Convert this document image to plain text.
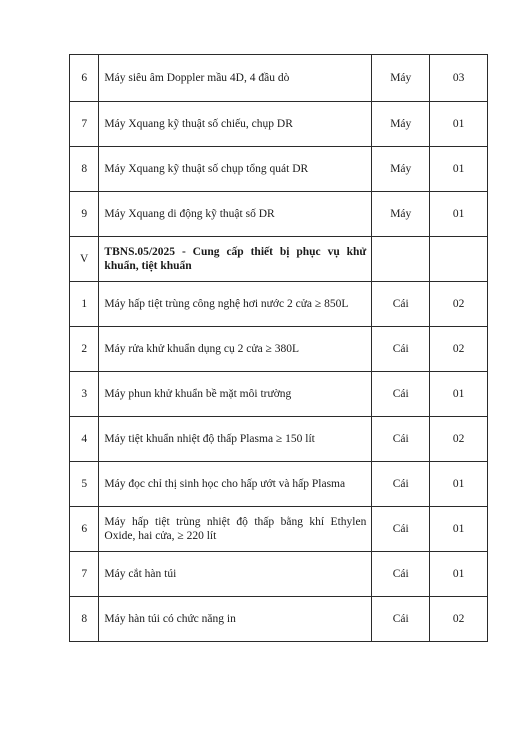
6	Máy siêu âm Doppler mầu 4D, 4 đầu dò	Máy	03
7	Máy Xquang kỹ thuật số chiếu, chụp DR	Máy	01
8	Máy Xquang kỹ thuật số chụp tổng quát DR	Máy	01
9	Máy Xquang di động kỹ thuật số DR	Máy	01
V	TBNS.05/2025 - Cung cấp thiết bị phục vụ khử khuẩn, tiệt khuẩn		
1	Máy hấp tiệt trùng công nghệ hơi nước 2 cửa ≥ 850L	Cái	02
2	Máy rửa khử khuẩn dụng cụ 2 cửa ≥ 380L	Cái	02
3	Máy phun khử khuẩn bề mặt môi trường	Cái	01
4	Máy tiệt khuẩn nhiệt độ thấp Plasma ≥ 150 lít	Cái	02
5	Máy đọc chỉ thị sinh học cho hấp ướt và hấp Plasma	Cái	01
6	Máy hấp tiệt trùng nhiệt độ thấp bằng khí Ethylen Oxide, hai cửa, ≥ 220 lít	Cái	01
7	Máy cắt hàn túi	Cái	01
8	Máy hàn túi có chức năng in	Cái	02
